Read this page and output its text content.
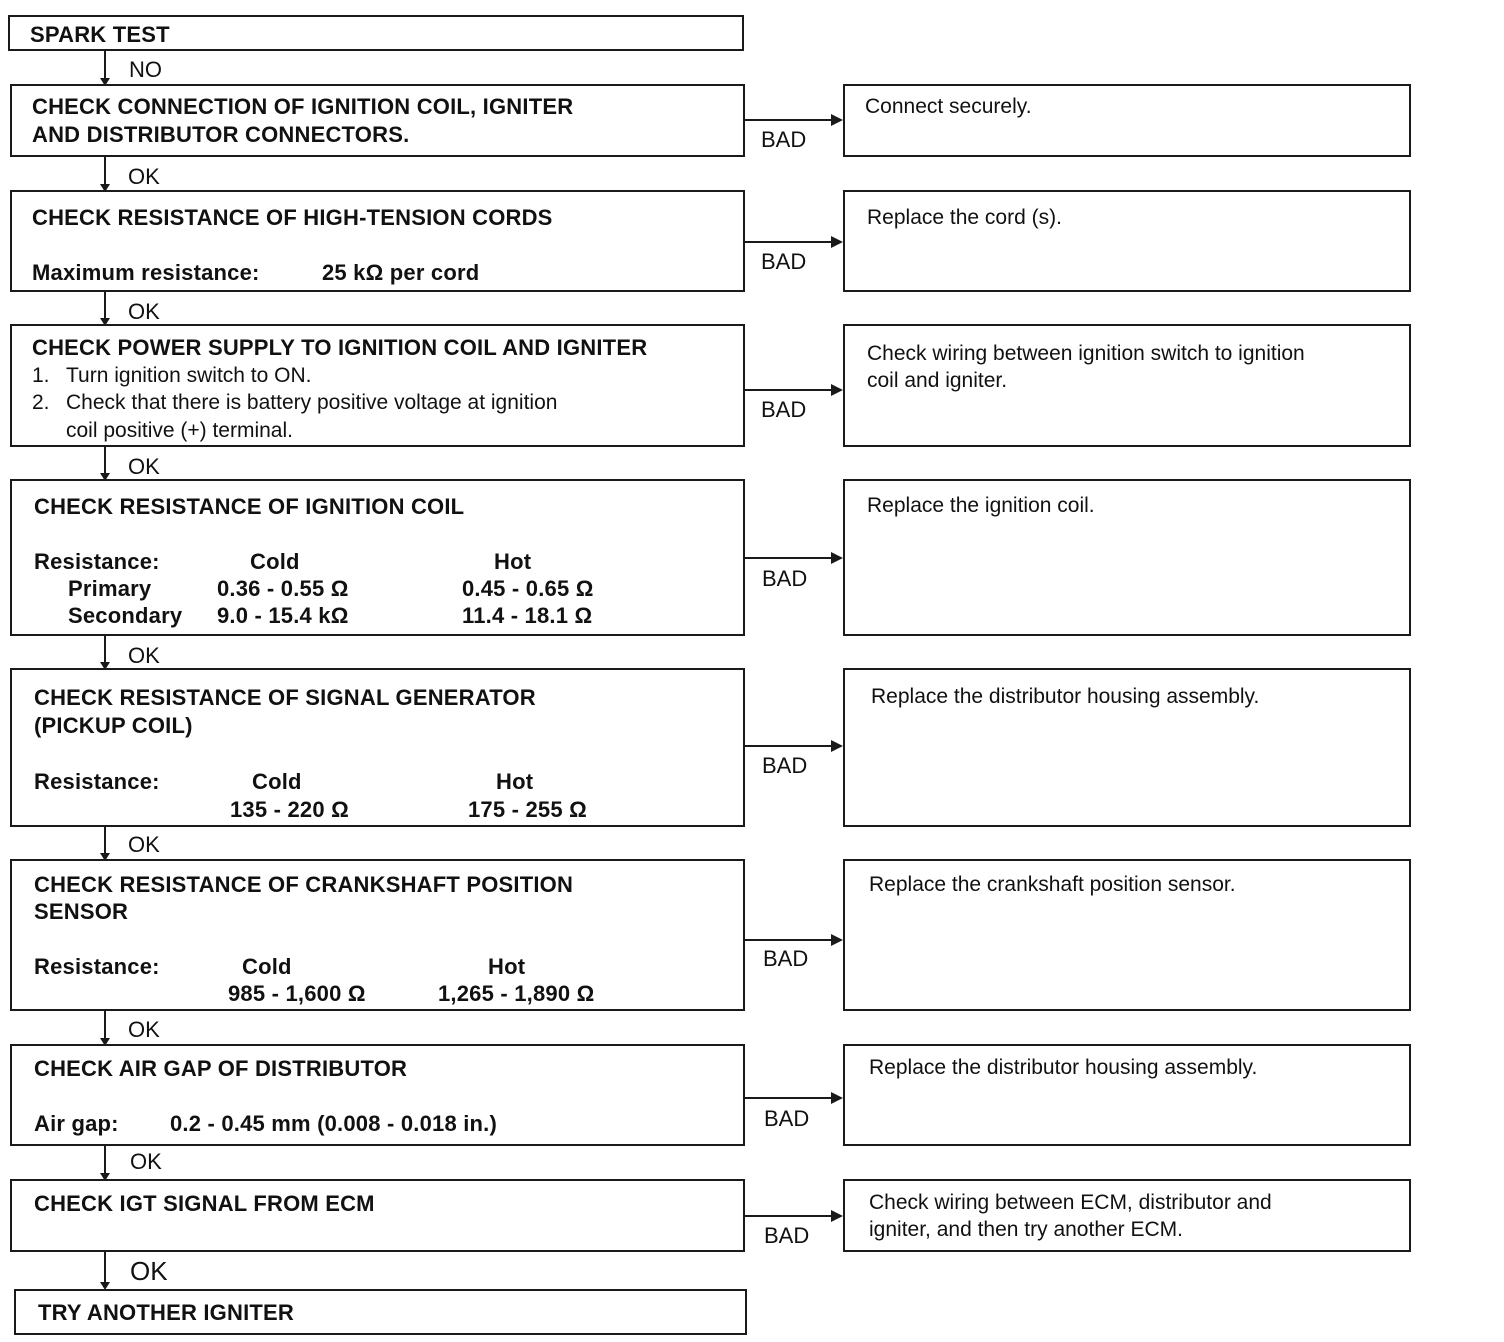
SPARK TEST
NO
CHECK CONNECTION OF IGNITION COIL, IGNITER
AND DISTRIBUTOR CONNECTORS.	BAD
Connect securely.
OK
CHECK RESISTANCE OF HIGH-TENSION CORDS
Maximum resistance:	25 kΩ per cord	BAD
Replace the cord (s).
OK
CHECK POWER SUPPLY TO IGNITION COIL AND IGNITER
1. Turn ignition switch to ON.
2. Check that there is battery positive voltage at ignition
coil positive (+) terminal.
BAD
Check wiring between ignition switch to ignition
coil and igniter.
OK
CHECK RESISTANCE OF IGNITION COIL
Resistance:	Cold	Hot
Primary	0.36 - 0.55 Ω	0.45 - 0.65 Ω
Secondary 9.0 - 15.4 kΩ	11.4 - 18.1 Ω
BAD
Replace the ignition coil.
OK
CHECK RESISTANCE OF SIGNAL GENERATOR
(PICKUP COIL)
Resistance:	Cold	Hot
135 - 220 Ω	175 - 255 Ω
BAD
Replace the distributor housing assembly.
OK
CHECK RESISTANCE OF CRANKSHAFT POSITION
SENSOR
Resistance:	Cold	Hot
985 - 1,600 Ω	1,265 - 1,890 Ω
BAD
Replace the crankshaft position sensor.
OK
CHECK AIR GAP OF DISTRIBUTOR
Air gap: 0.2 - 0.45 mm (0.008 - 0.018 in.)	BAD
Replace the distributor housing assembly.
OK
CHECK IGT SIGNAL FROM ECM
BAD
Check wiring between ECM, distributor and
igniter, and then try another ECM.
OK
TRY ANOTHER IGNITER
